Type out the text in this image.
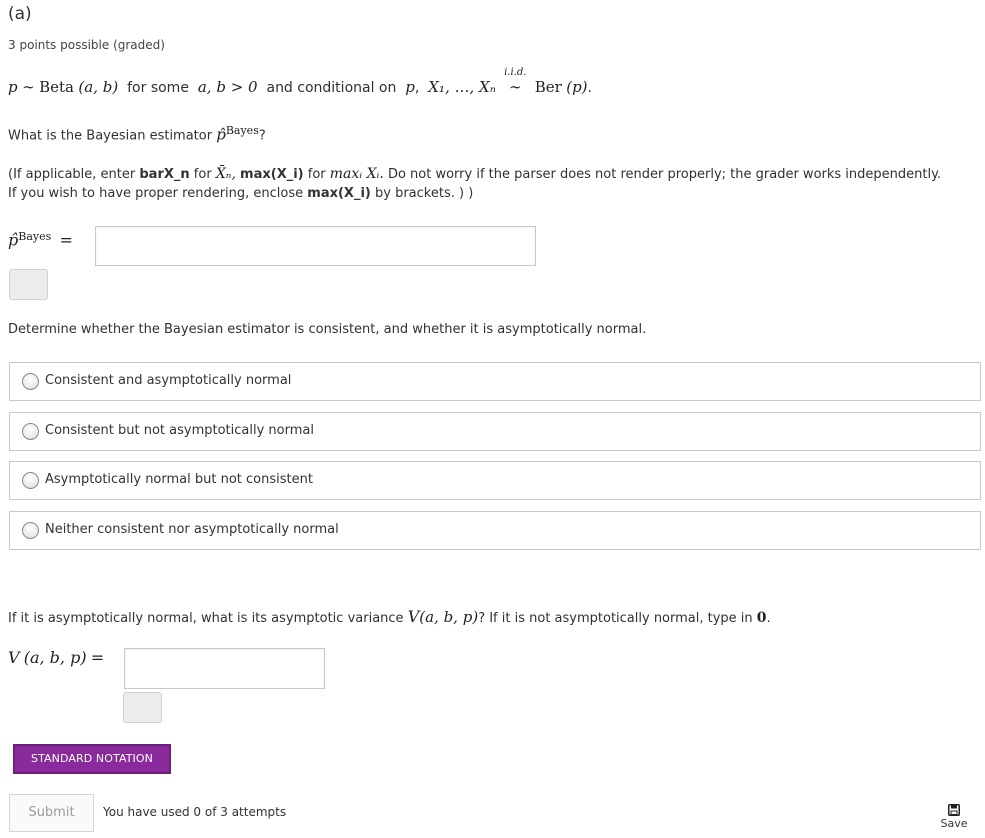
(a)
3 points possible (graded)
p ∼ Beta (a, b) for some a, b > 0 and conditional on p, X₁, …, Xₙ
i.i.d.
∼ Ber (p).
What is the Bayesian estimator p̂$^{Bayes}$?
(If applicable, enter barX_n for X̄ₙ, max(X_i) for maxᵢ Xᵢ. Do not worry if the parser does not render properly; the grader works independently.
If you wish to have proper rendering, enclose max(X_i) by brackets. ) )
p̂$^{Bayes}$ =
Determine whether the Bayesian estimator is consistent, and whether it is asymptotically normal.
Consistent and asymptotically normal
Consistent but not asymptotically normal
Asymptotically normal but not consistent
Neither consistent nor asymptotically normal
If it is asymptotically normal, what is its asymptotic variance V(a, b, p)? If it is not asymptotically normal, type in 0.
V (a, b, p) =
STANDARD NOTATION
Submit	You have used 0 of 3 attempts
Save
